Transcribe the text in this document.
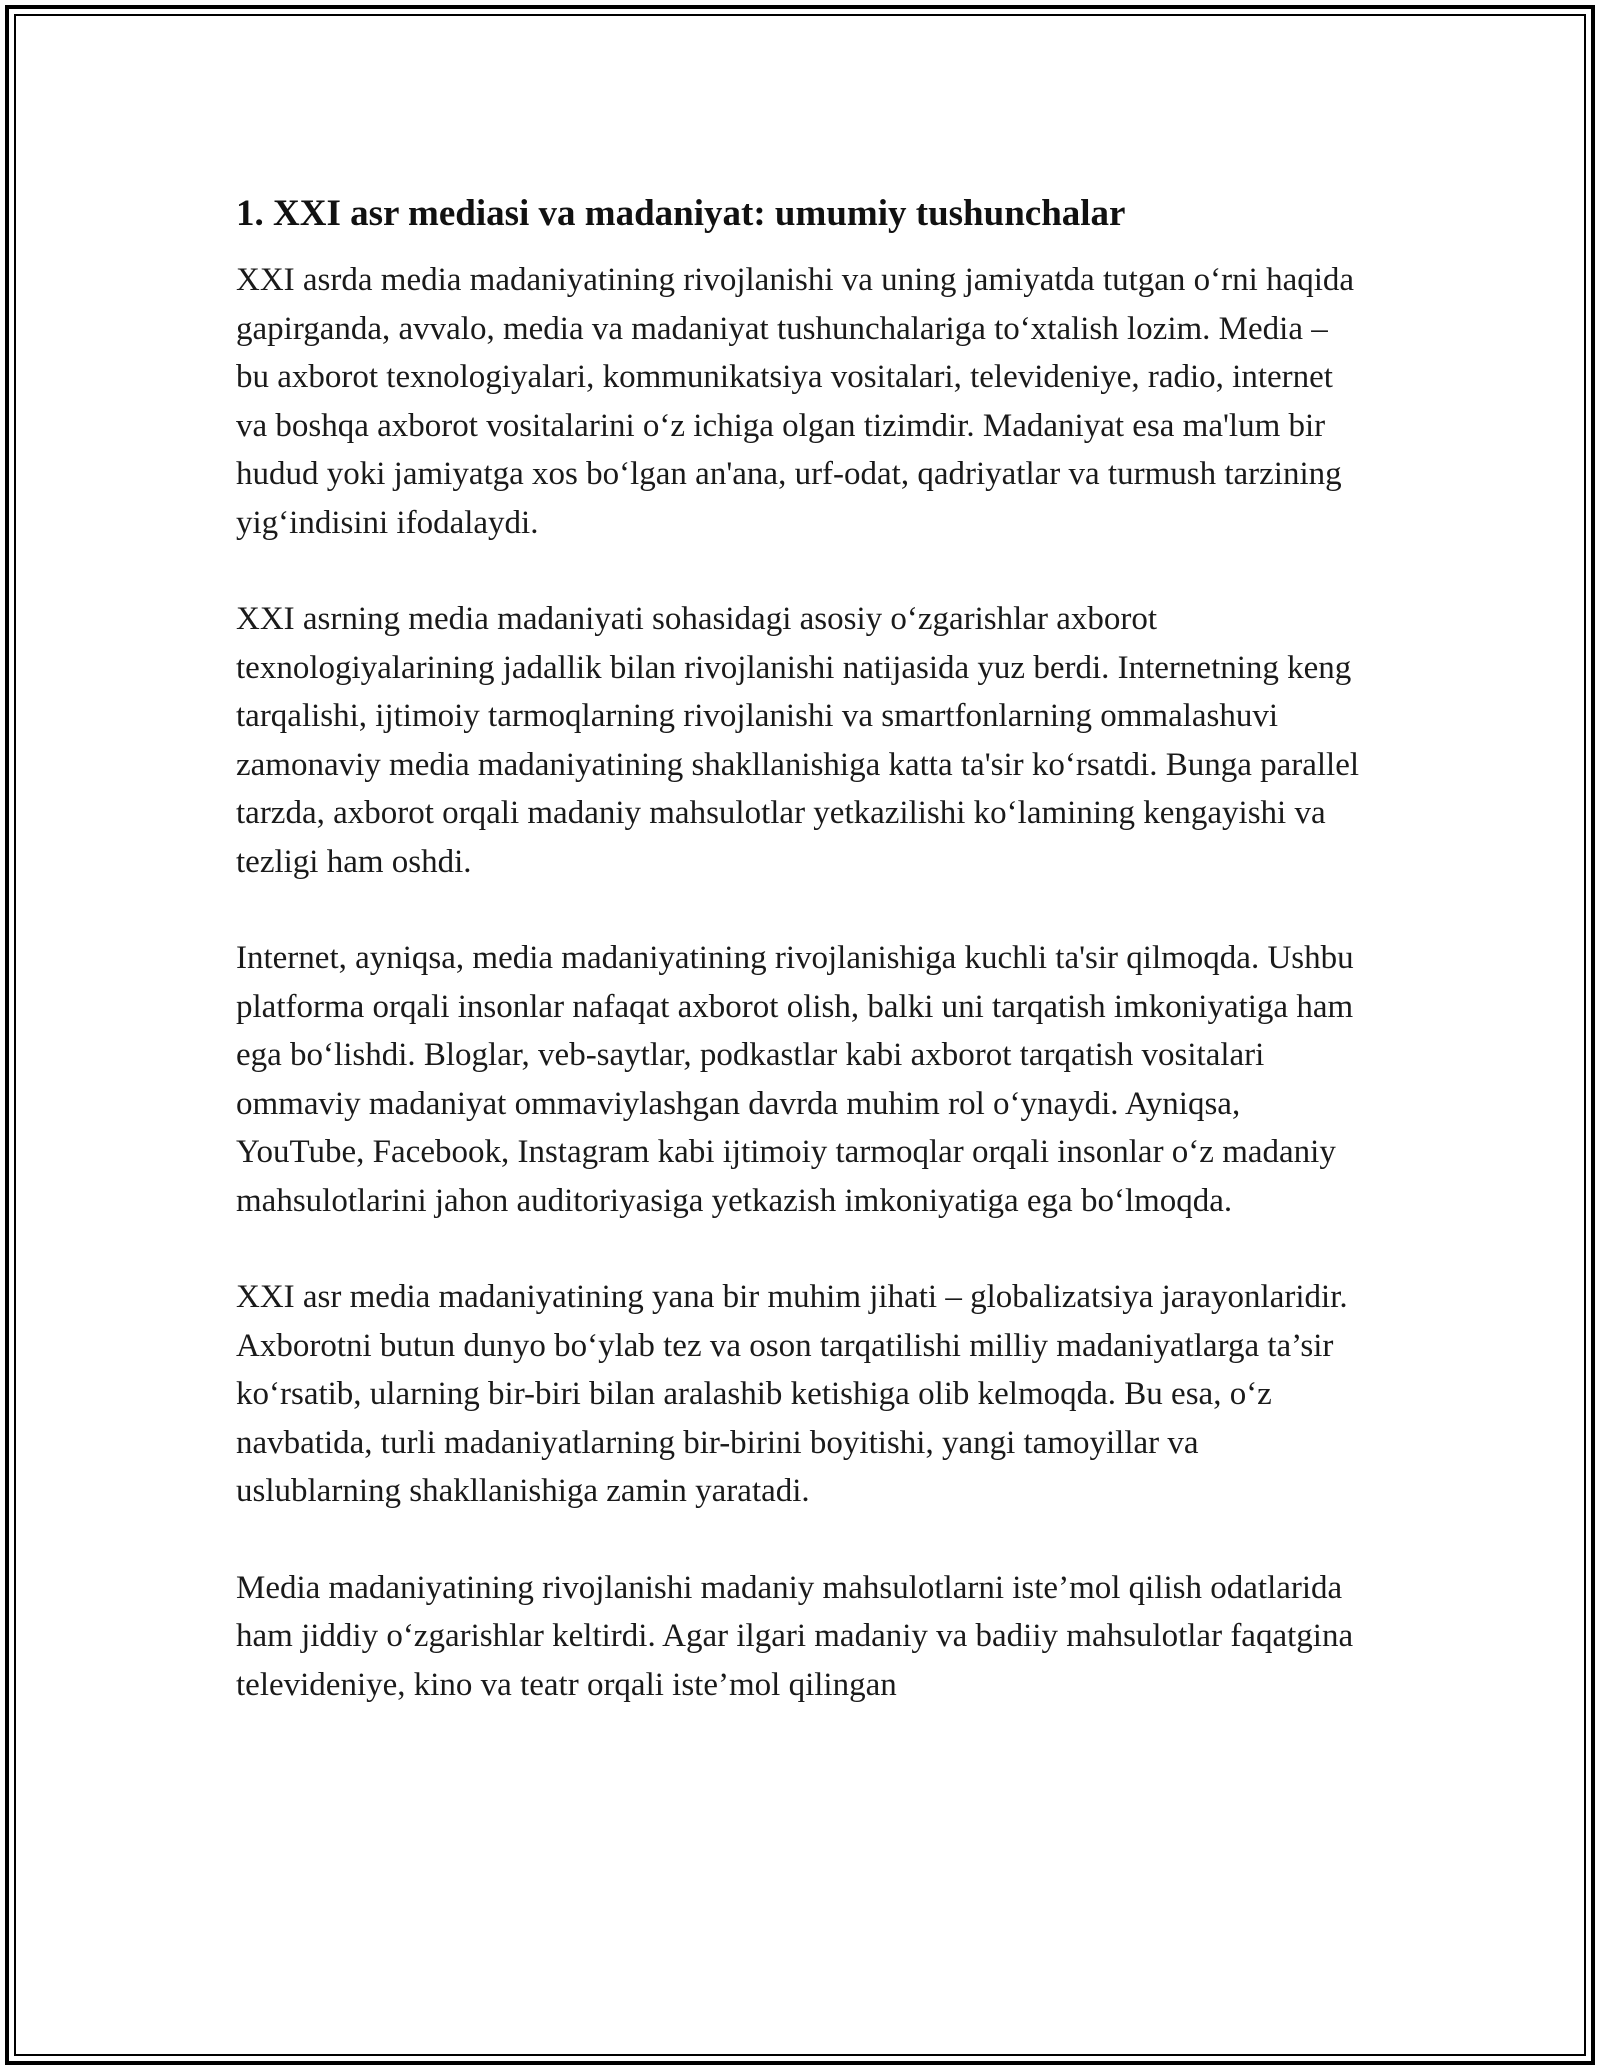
1. XXI asr mediasi va madaniyat: umumiy tushunchalar

XXI asrda media madaniyatining rivojlanishi va uning jamiyatda tutgan o‘rni haqida gapirganda, avvalo, media va madaniyat tushunchalariga to‘xtalish lozim. Media – bu axborot texnologiyalari, kommunikatsiya vositalari, televideniye, radio, internet va boshqa axborot vositalarini o‘z ichiga olgan tizimdir. Madaniyat esa ma'lum bir hudud yoki jamiyatga xos bo‘lgan an'ana, urf-odat, qadriyatlar va turmush tarzining yig‘indisini ifodalaydi.

XXI asrning media madaniyati sohasidagi asosiy o‘zgarishlar axborot texnologiyalarining jadallik bilan rivojlanishi natijasida yuz berdi. Internetning keng tarqalishi, ijtimoiy tarmoqlarning rivojlanishi va smartfonlarning ommalashuvi zamonaviy media madaniyatining shakllanishiga katta ta'sir ko‘rsatdi. Bunga parallel tarzda, axborot orqali madaniy mahsulotlar yetkazilishi ko‘lamining kengayishi va tezligi ham oshdi.

Internet, ayniqsa, media madaniyatining rivojlanishiga kuchli ta'sir qilmoqda. Ushbu platforma orqali insonlar nafaqat axborot olish, balki uni tarqatish imkoniyatiga ham ega bo‘lishdi. Bloglar, veb-saytlar, podkastlar kabi axborot tarqatish vositalari ommaviy madaniyat ommaviylashgan davrda muhim rol o‘ynaydi. Ayniqsa, YouTube, Facebook, Instagram kabi ijtimoiy tarmoqlar orqali insonlar o‘z madaniy mahsulotlarini jahon auditoriyasiga yetkazish imkoniyatiga ega bo‘lmoqda.

XXI asr media madaniyatining yana bir muhim jihati – globalizatsiya jarayonlaridir. Axborotni butun dunyo bo‘ylab tez va oson tarqatilishi milliy madaniyatlarga ta’sir ko‘rsatib, ularning bir-biri bilan aralashib ketishiga olib kelmoqda. Bu esa, o‘z navbatida, turli madaniyatlarning bir-birini boyitishi, yangi tamoyillar va uslublarning shakllanishiga zamin yaratadi.

Media madaniyatining rivojlanishi madaniy mahsulotlarni iste’mol qilish odatlarida ham jiddiy o‘zgarishlar keltirdi. Agar ilgari madaniy va badiiy mahsulotlar faqatgina televideniye, kino va teatr orqali iste’mol qilingan
